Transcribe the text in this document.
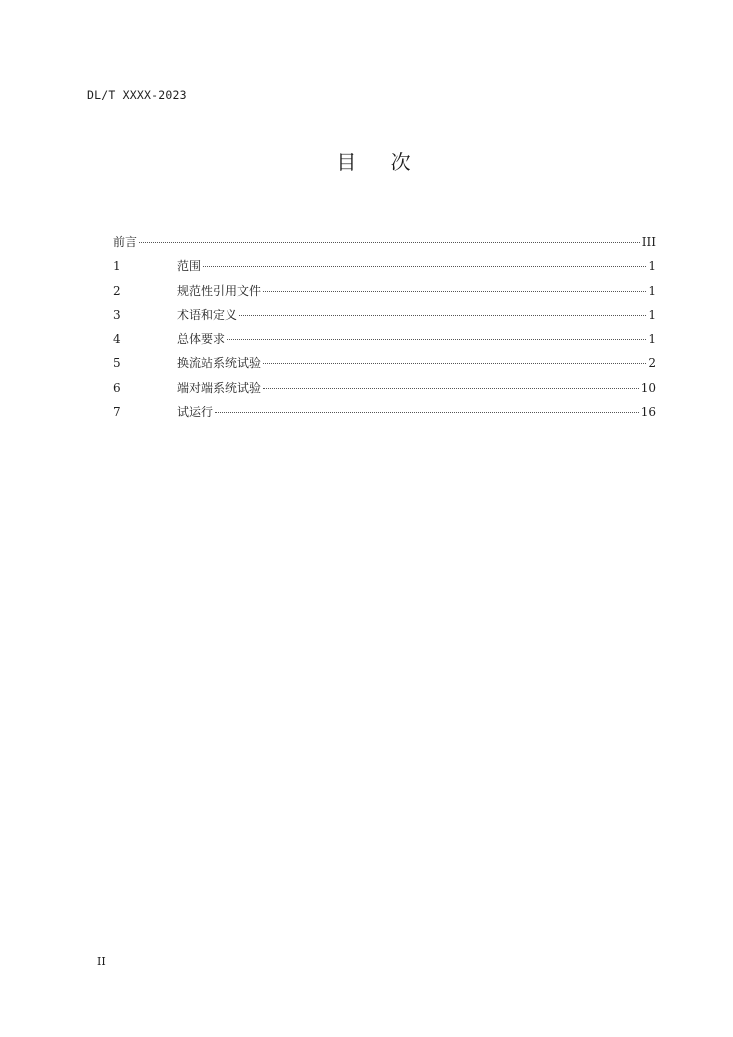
DL/T XXXX-2023
目 次
前言	III
1	范围	1
2	规范性引用文件	1
3	术语和定义	1
4	总体要求	1
5	换流站系统试验	2
6	端对端系统试验	10
7	试运行	16
II
